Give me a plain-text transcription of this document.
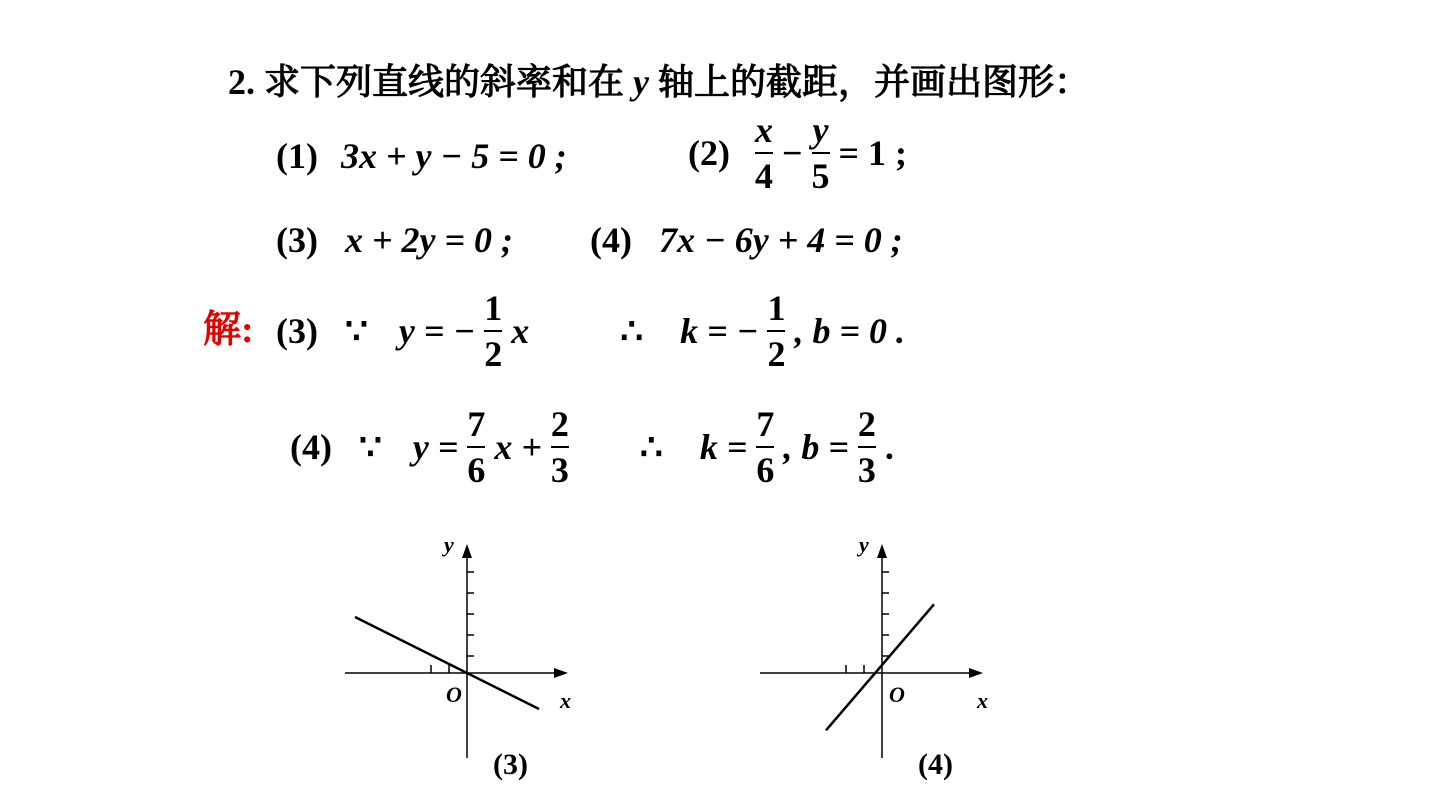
2. 求下列直线的斜率和在 y 轴上的截距，并画出图形：
(1) 3x + y − 5 = 0 ;	$(2) \frac{x}{4} - \frac{y}{5} = 1$ ;
(3) x + 2y = 0 ; (4) 7x − 6y + 4 = 0 ;
解: (3) ∵ y = − $\frac{1}{2}$ x	∴ k = − $\frac{1}{2}$ , b = 0 .
(4) ∵ $y = \frac{7}{6}$ $x + \frac{2}{3}$ ∴ $k = \frac{7}{6}$ , $b = \frac{2}{3}$ .
y
x
O
(3)
y
x
O
(4)
